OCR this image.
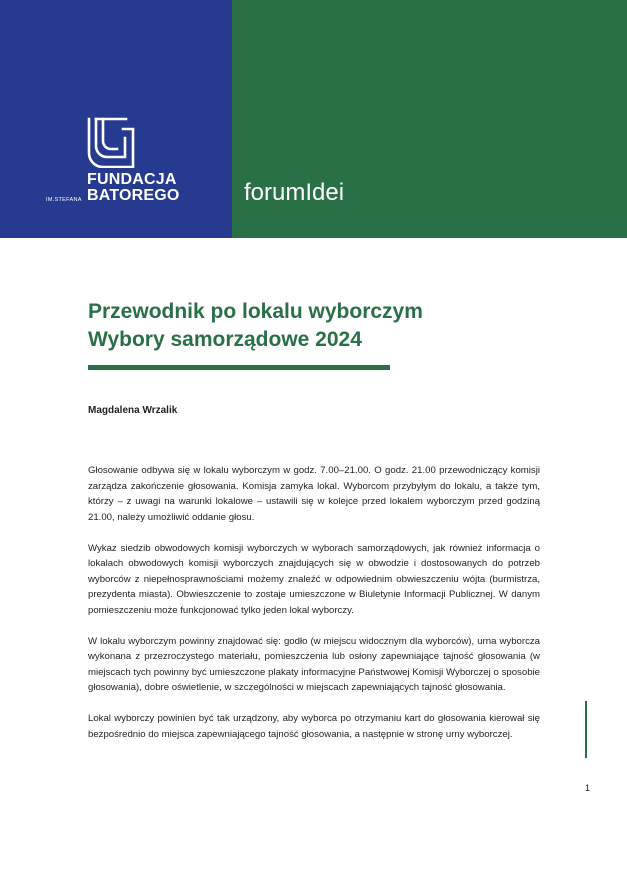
FUNDACJA
IM.STEFANA BATOREGO	forumIdei
Przewodnik po lokalu wyborczym
Wybory samorządowe 2024
Magdalena Wrzalik

Głosowanie odbywa się w lokalu wyborczym w godz. 7.00–21.00. O godz. 21.00 przewodniczący komisji zarządza zakończenie głosowania. Komisja zamyka lokal. Wyborcom przybyłym do lokalu, a także tym, którzy – z uwagi na warunki lokalowe – ustawili się w kolejce przed lokalem wyborczym przed godziną 21.00, należy umożliwić oddanie głosu.

Wykaz siedzib obwodowych komisji wyborczych w wyborach samorządowych, jak również informacja o lokalach obwodowych komisji wyborczych znajdujących się w obwodzie i dostosowanych do potrzeb wyborców z niepełnosprawnościami możemy znaleźć w odpowiednim obwieszczeniu wójta (burmistrza, prezydenta miasta). Obwieszczenie to zostaje umieszczone w Biuletynie Informacji Publicznej. W danym pomieszczeniu może funkcjonować tylko jeden lokal wyborczy.

W lokalu wyborczym powinny znajdować się: godło (w miejscu widocznym dla wyborców), urna wyborcza wykonana z przezroczystego materiału, pomieszczenia lub osłony zapewniające tajność głosowania (w miejscach tych powinny być umieszczone plakaty informacyjne Państwowej Komisji Wyborczej o sposobie głosowania), dobre oświetlenie, w szczególności w miejscach zapewniających tajność głosowania.

Lokal wyborczy powinien być tak urządzony, aby wyborca po otrzymaniu kart do głosowania kierował się bezpośrednio do miejsca zapewniającego tajność głosowania, a następnie w stronę urny wyborczej.

1
